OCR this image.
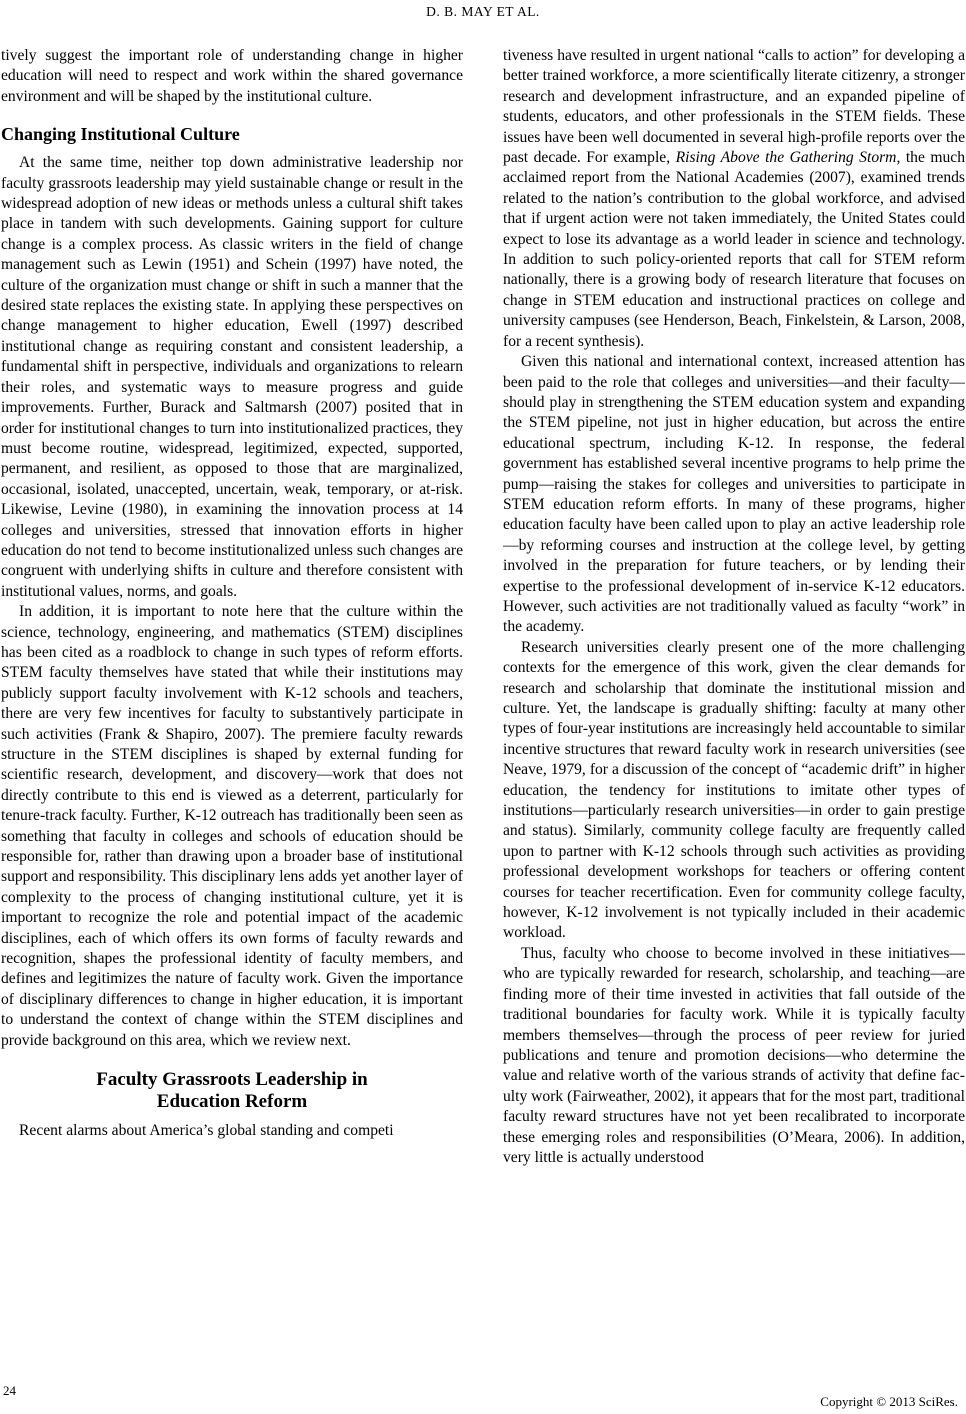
D. B. MAY ET AL.

tively suggest the important role of understanding change in higher education will need to respect and work within the shared governance environment and will be shaped by the institutional culture.

Changing Institutional Culture

At the same time, neither top down administrative leadership nor faculty grassroots leadership may yield sustainable change or result in the widespread adoption of new ideas or methods unless a cultural shift takes place in tandem with such developments. Gaining support for culture change is a complex process. As classic writers in the field of change management such as Lewin (1951) and Schein (1997) have noted, the culture of the organization must change or shift in such a manner that the desired state replaces the existing state. In applying these perspectives on change management to higher education, Ewell (1997) described institutional change as requiring constant and consistent leadership, a fundamental shift in perspective, individuals and organizations to relearn their roles, and systematic ways to measure progress and guide improvements. Further, Burack and Saltmarsh (2007) posited that in order for institutional changes to turn into institutionalized practices, they must become routine, widespread, legitimized, expected, supported, permanent, and resilient, as opposed to those that are marginalized, occasional, isolated, unaccepted, uncertain, weak, temporary, or at-risk. Likewise, Levine (1980), in examining the innovation process at 14 colleges and universities, stressed that innovation efforts in higher education do not tend to become institutionalized unless such changes are congruent with underlying shifts in culture and therefore consistent with institutional values, norms, and goals.

In addition, it is important to note here that the culture within the science, technology, engineering, and mathematics (STEM) disciplines has been cited as a roadblock to change in such types of reform efforts. STEM faculty themselves have stated that while their institutions may publicly support faculty involvement with K-12 schools and teachers, there are very few incentives for faculty to substantively participate in such activities (Frank & Shapiro, 2007). The premiere faculty rewards structure in the STEM disciplines is shaped by external funding for scientific research, development, and discovery—work that does not directly contribute to this end is viewed as a deterrent, particularly for tenure-track faculty. Further, K-12 outreach has traditionally been seen as something that faculty in colleges and schools of education should be responsible for, rather than drawing upon a broader base of institutional support and responsibility. This disciplinary lens adds yet another layer of complexity to the process of changing institutional culture, yet it is important to recognize the role and potential impact of the academic disciplines, each of which offers its own forms of faculty rewards and recognition, shapes the professional identity of faculty members, and defines and legitimizes the nature of faculty work. Given the importance of disciplinary differences to change in higher education, it is important to understand the context of change within the STEM disciplines and provide background on this area, which we review next.

Faculty Grassroots Leadership in
Education Reform

Recent alarms about America’s global standing and competi

tiveness have resulted in urgent national “calls to action” for developing a better trained workforce, a more scientifically literate citizenry, a stronger research and development infrastructure, and an expanded pipeline of students, educators, and other professionals in the STEM fields. These issues have been well documented in several high-profile reports over the past decade. For example, Rising Above the Gathering Storm, the much acclaimed report from the National Academies (2007), examined trends related to the nation’s contribution to the global workforce, and advised that if urgent action were not taken immediately, the United States could expect to lose its advantage as a world leader in science and technology. In addition to such policy-oriented reports that call for STEM reform nationally, there is a growing body of research literature that focuses on change in STEM education and instructional practices on college and university campuses (see Henderson, Beach, Finkelstein, & Larson, 2008, for a recent synthesis).

Given this national and international context, increased attention has been paid to the role that colleges and universities—and their faculty—should play in strengthening the STEM education system and expanding the STEM pipeline, not just in higher education, but across the entire educational spectrum, including K-12. In response, the federal government has established several incentive programs to help prime the pump—raising the stakes for colleges and universities to participate in STEM education reform efforts. In many of these programs, higher education faculty have been called upon to play an active leadership role—by reforming courses and instruction at the college level, by getting involved in the preparation for future teachers, or by lending their expertise to the professional development of in-service K-12 educators. However, such activities are not traditionally valued as faculty “work” in the academy.

Research universities clearly present one of the more challenging contexts for the emergence of this work, given the clear demands for research and scholarship that dominate the institutional mission and culture. Yet, the landscape is gradually shifting: faculty at many other types of four-year institutions are increasingly held accountable to similar incentive structures that reward faculty work in research universities (see Neave, 1979, for a discussion of the concept of “academic drift” in higher education, the tendency for institutions to imitate other types of institutions—particularly research universities—in order to gain prestige and status). Similarly, community college faculty are frequently called upon to partner with K-12 schools through such activities as providing professional development workshops for teachers or offering content courses for teacher recertification. Even for community college faculty, however, K-12 involvement is not typically included in their academic workload.

Thus, faculty who choose to become involved in these initiatives—who are typically rewarded for research, scholarship, and teaching—are finding more of their time invested in activities that fall outside of the traditional boundaries for faculty work. While it is typically faculty members themselves—through the process of peer review for juried publications and tenure and promotion decisions—who determine the value and relative worth of the various strands of activity that define faculty work (Fairweather, 2002), it appears that for the most part, traditional faculty reward structures have not yet been recalibrated to incorporate these emerging roles and responsibilities (O’Meara, 2006). In addition, very little is actually understood

24
Copyright © 2013 SciRes.
